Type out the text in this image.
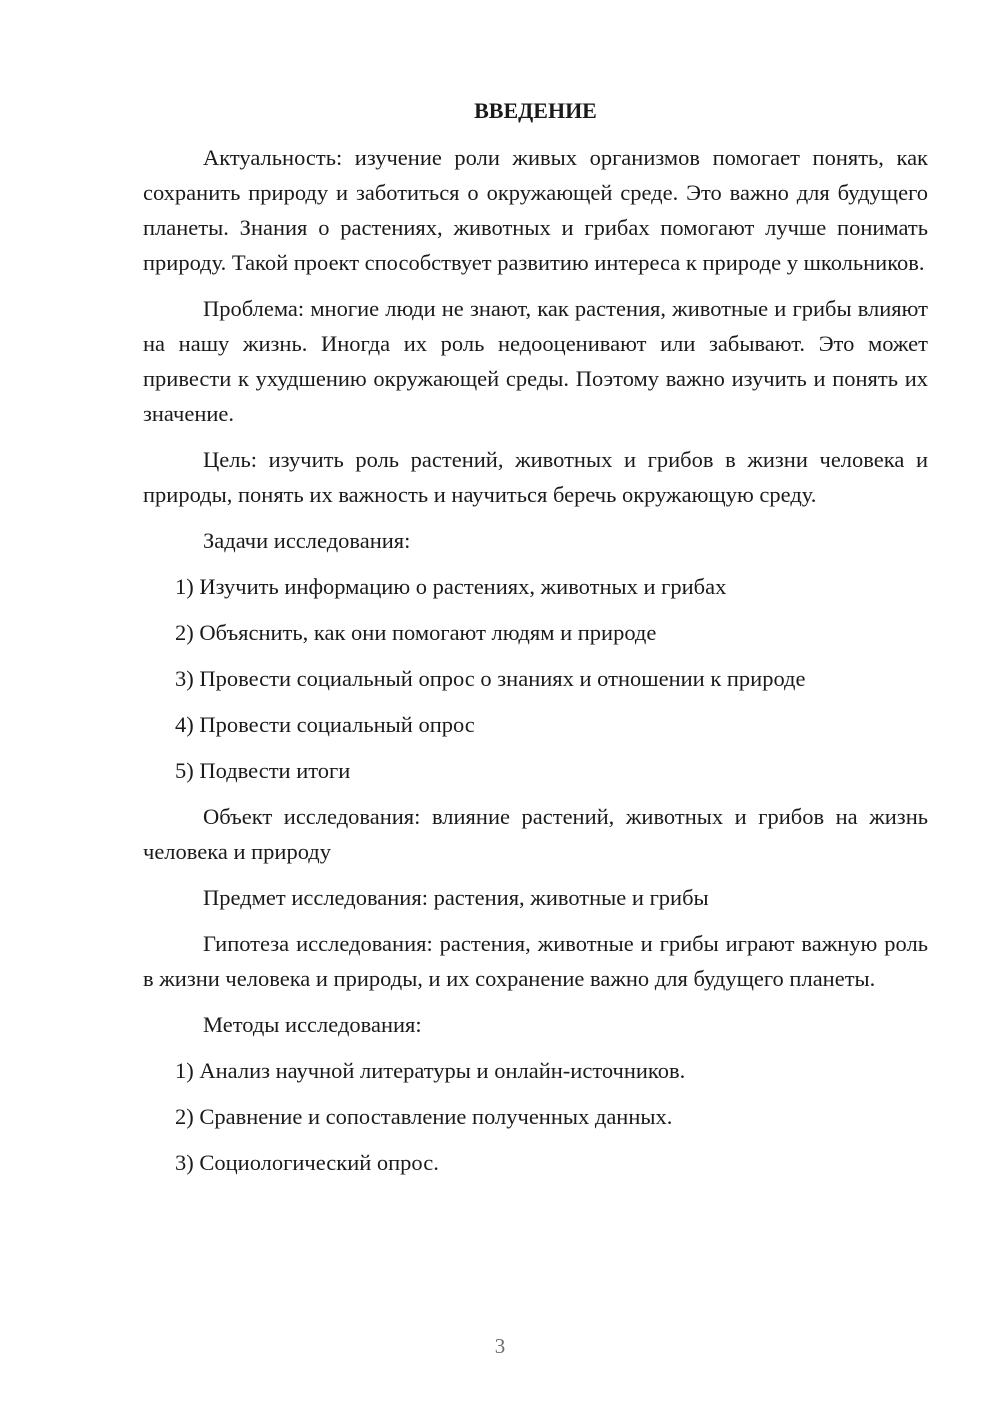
ВВЕДЕНИЕ

Актуальность: изучение роли живых организмов помогает понять, как сохранить природу и заботиться о окружающей среде. Это важно для будущего планеты. Знания о растениях, животных и грибах помогают лучше понимать природу. Такой проект способствует развитию интереса к природе у школьников.

Проблема: многие люди не знают, как растения, животные и грибы влияют на нашу жизнь. Иногда их роль недооценивают или забывают. Это может привести к ухудшению окружающей среды. Поэтому важно изучить и понять их значение.

Цель: изучить роль растений, животных и грибов в жизни человека и природы, понять их важность и научиться беречь окружающую среду.

Задачи исследования:

1) Изучить информацию о растениях, животных и грибах
2) Объяснить, как они помогают людям и природе
3) Провести социальный опрос о знаниях и отношении к природе
4) Провести социальный опрос
5) Подвести итоги

Объект исследования: влияние растений, животных и грибов на жизнь человека и природу

Предмет исследования: растения, животные и грибы

Гипотеза исследования: растения, животные и грибы играют важную роль в жизни человека и природы, и их сохранение важно для будущего планеты.

Методы исследования:

1) Анализ научной литературы и онлайн-источников.
2) Сравнение и сопоставление полученных данных.
3) Социологический опрос.
3
